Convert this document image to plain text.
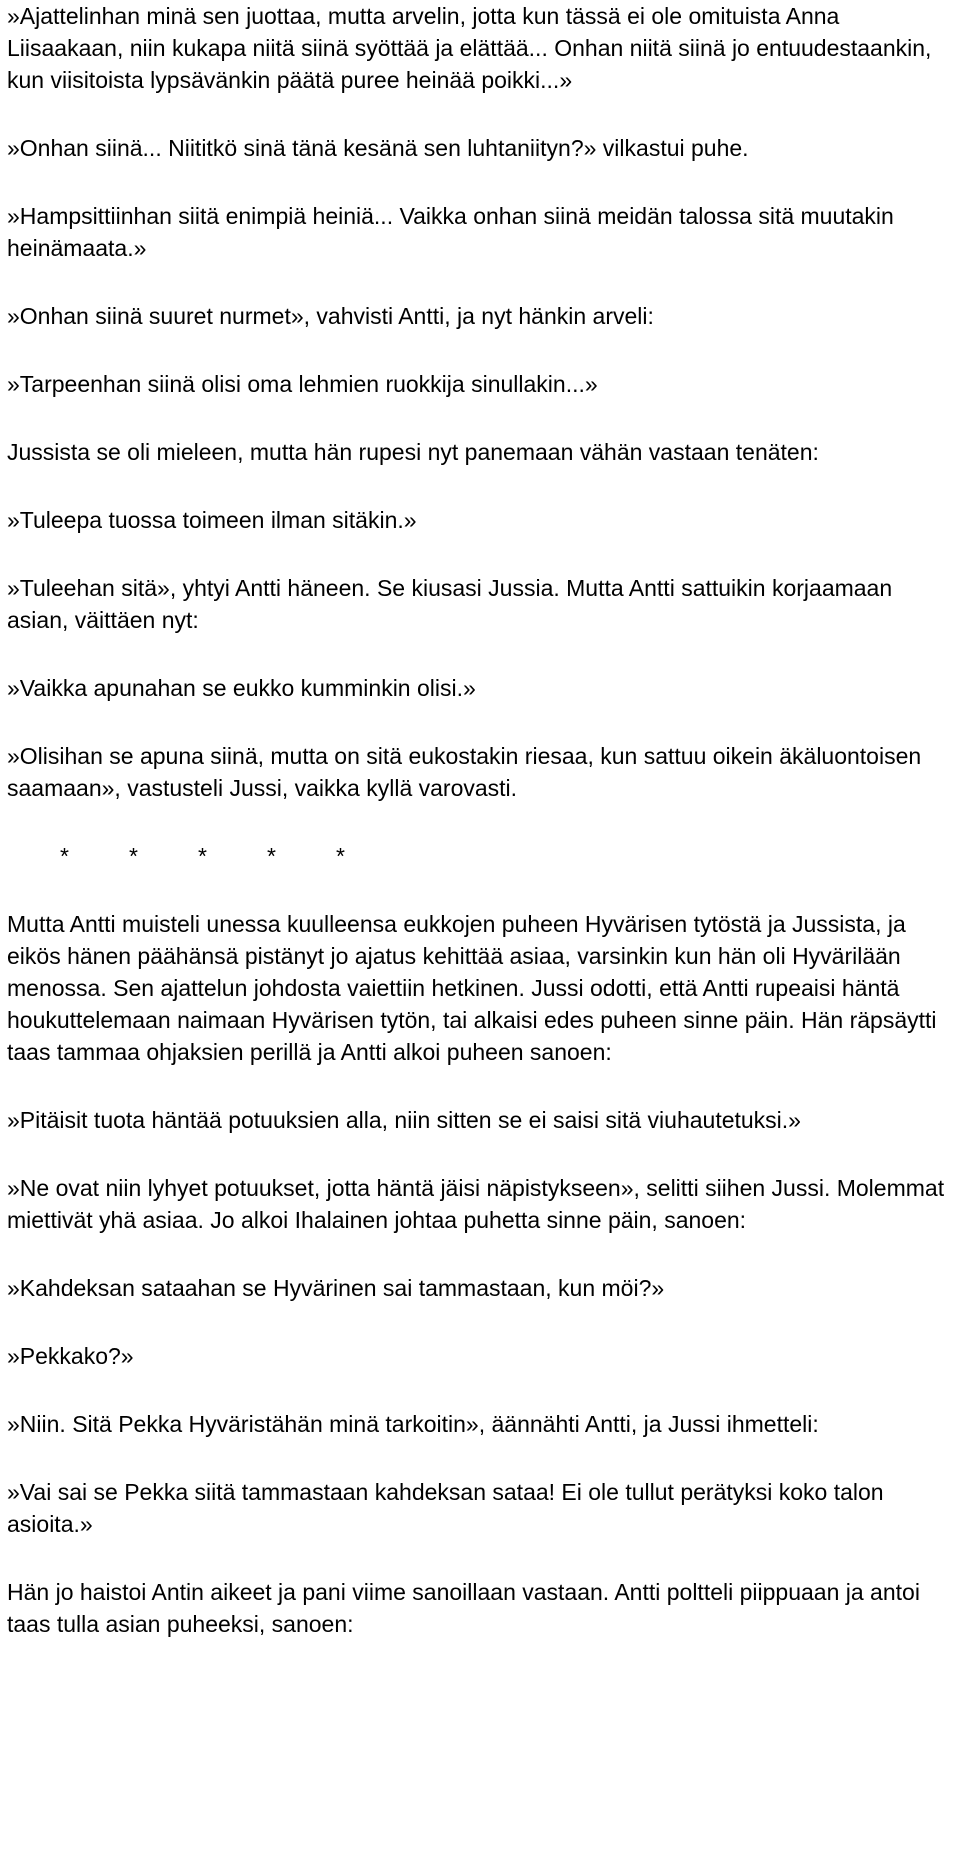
»Ajattelinhan minä sen juottaa, mutta arvelin, jotta kun tässä ei ole omituista Anna Liisaakaan, niin kukapa niitä siinä syöttää ja elättää... Onhan niitä siinä jo entuudestaankin, kun viisitoista lypsävänkin päätä puree heinää poikki...»

»Onhan siinä... Niititkö sinä tänä kesänä sen luhtaniityn?» vilkastui puhe.

»Hampsittiinhan siitä enimpiä heiniä... Vaikka onhan siinä meidän talossa sitä muutakin heinämaata.»

»Onhan siinä suuret nurmet», vahvisti Antti, ja nyt hänkin arveli:

»Tarpeenhan siinä olisi oma lehmien ruokkija sinullakin...»

Jussista se oli mieleen, mutta hän rupesi nyt panemaan vähän vastaan tenäten:

»Tuleepa tuossa toimeen ilman sitäkin.»

»Tuleehan sitä», yhtyi Antti häneen. Se kiusasi Jussia. Mutta Antti sattuikin korjaamaan asian, väittäen nyt:

»Vaikka apunahan se eukko kumminkin olisi.»

»Olisihan se apuna siinä, mutta on sitä eukostakin riesaa, kun sattuu oikein äkäluontoisen saamaan», vastusteli Jussi, vaikka kyllä varovasti.

*	*	*	*	*

Mutta Antti muisteli unessa kuulleensa eukkojen puheen Hyvärisen tytöstä ja Jussista, ja eikös hänen päähänsä pistänyt jo ajatus kehittää asiaa, varsinkin kun hän oli Hyvärilään menossa. Sen ajattelun johdosta vaiettiin hetkinen. Jussi odotti, että Antti rupeaisi häntä houkuttelemaan naimaan Hyvärisen tytön, tai alkaisi edes puheen sinne päin. Hän räpsäytti taas tammaa ohjaksien perillä ja Antti alkoi puheen sanoen:

»Pitäisit tuota häntää potuuksien alla, niin sitten se ei saisi sitä viuhautetuksi.»

»Ne ovat niin lyhyet potuukset, jotta häntä jäisi näpistykseen», selitti siihen Jussi. Molemmat miettivät yhä asiaa. Jo alkoi Ihalainen johtaa puhetta sinne päin, sanoen:

»Kahdeksan sataahan se Hyvärinen sai tammastaan, kun möi?»

»Pekkako?»

»Niin. Sitä Pekka Hyväristähän minä tarkoitin», äännähti Antti, ja Jussi ihmetteli:

»Vai sai se Pekka siitä tammastaan kahdeksan sataa! Ei ole tullut perätyksi koko talon asioita.»

Hän jo haistoi Antin aikeet ja pani viime sanoillaan vastaan. Antti poltteli piippuaan ja antoi taas tulla asian puheeksi, sanoen:
